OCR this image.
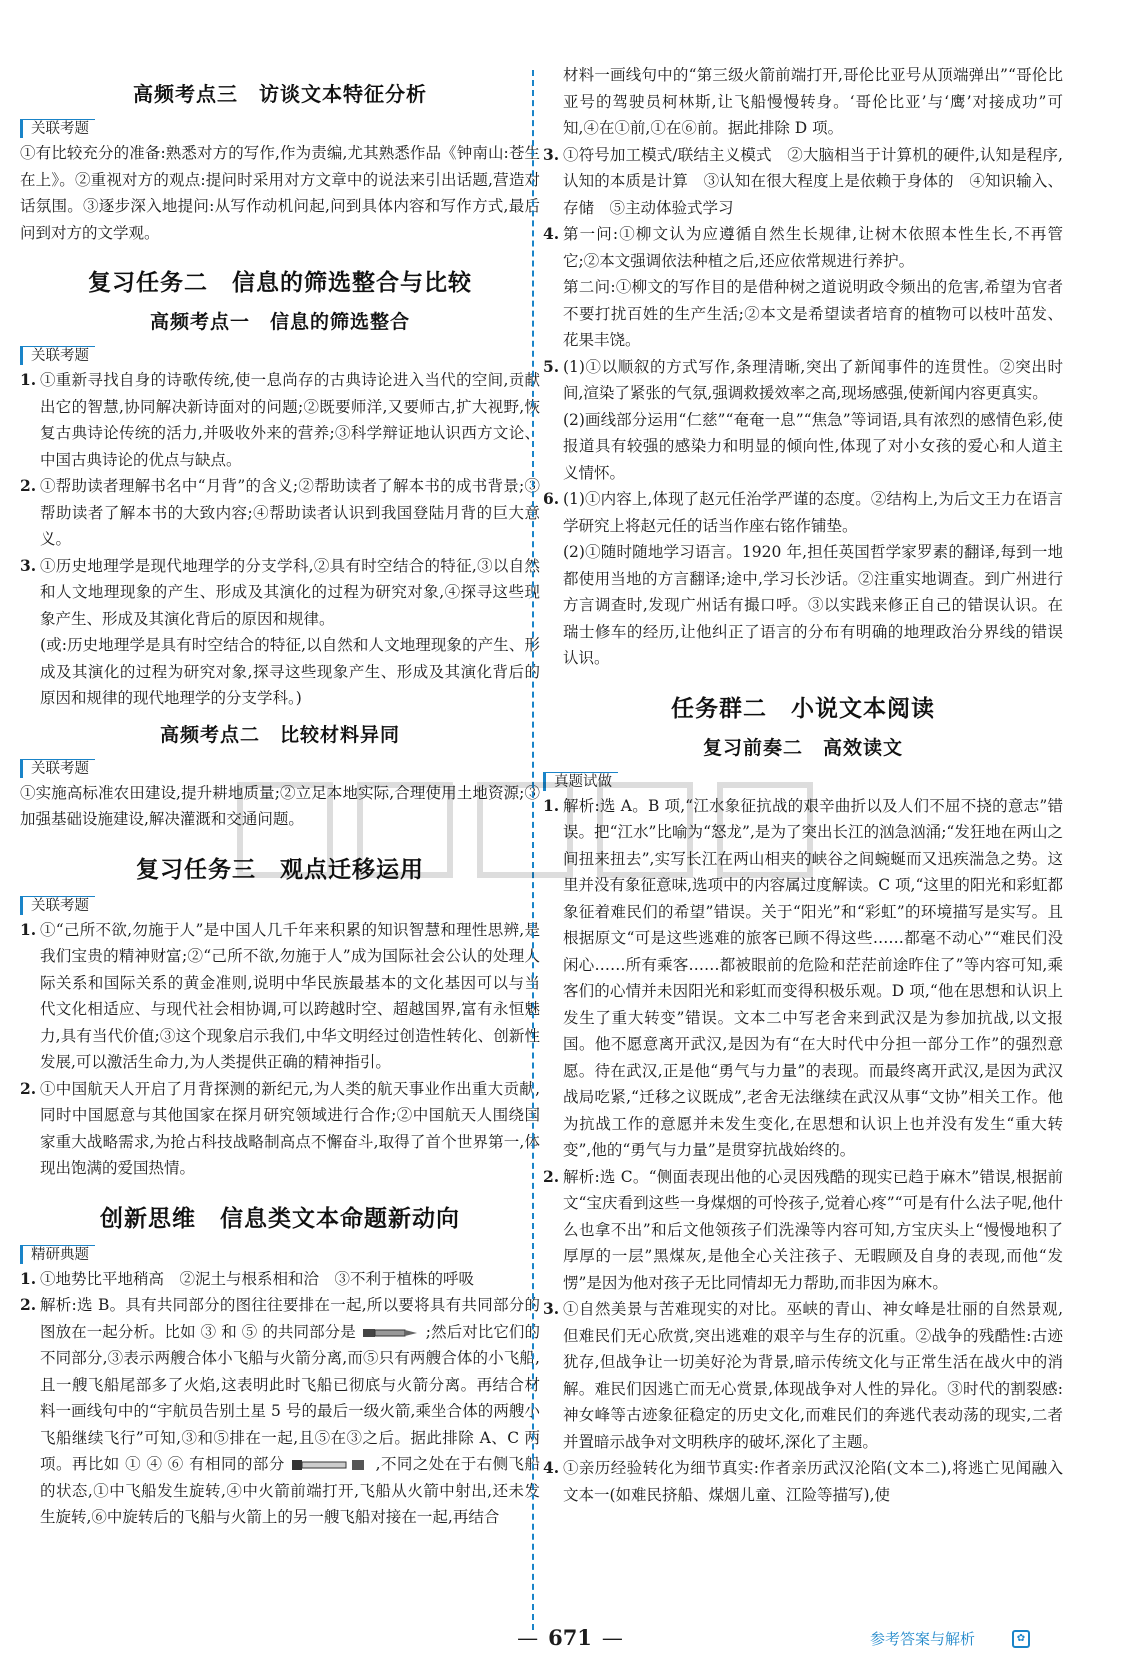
高频考点三　访谈文本特征分析
关联考题

①有比较充分的准备:熟悉对方的写作,作为责编,尤其熟悉作品《钟南山:苍生在上》。②重视对方的观点:提问时采用对方文章中的说法来引出话题,营造对话氛围。③逐步深入地提问:从写作动机问起,问到具体内容和写作方式,最后问到对方的文学观。

复习任务二　信息的筛选整合与比较
高频考点一　信息的筛选整合
关联考题
1. ①重新寻找自身的诗歌传统,使一息尚存的古典诗论进入当代的空间,贡献出它的智慧,协同解决新诗面对的问题;②既要师洋,又要师古,扩大视野,恢复古典诗论传统的活力,并吸收外来的营养;③科学辩证地认识西方文论、中国古典诗论的优点与缺点。
2. ①帮助读者理解书名中“月背”的含义;②帮助读者了解本书的成书背景;③帮助读者了解本书的大致内容;④帮助读者认识到我国登陆月背的巨大意义。
3. ①历史地理学是现代地理学的分支学科,②具有时空结合的特征,③以自然和人文地理现象的产生、形成及其演化的过程为研究对象,④探寻这些现象产生、形成及其演化背后的原因和规律。

(或:历史地理学是具有时空结合的特征,以自然和人文地理现象的产生、形成及其演化的过程为研究对象,探寻这些现象产生、形成及其演化背后的原因和规律的现代地理学的分支学科。)

高频考点二　比较材料异同
关联考题

①实施高标准农田建设,提升耕地质量;②立足本地实际,合理使用土地资源;③加强基础设施建设,解决灌溉和交通问题。

复习任务三　观点迁移运用
关联考题
1. ①“己所不欲,勿施于人”是中国人几千年来积累的知识智慧和理性思辨,是我们宝贵的精神财富;②“己所不欲,勿施于人”成为国际社会公认的处理人际关系和国际关系的黄金准则,说明中华民族最基本的文化基因可以与当代文化相适应、与现代社会相协调,可以跨越时空、超越国界,富有永恒魅力,具有当代价值;③这个现象启示我们,中华文明经过创造性转化、创新性发展,可以激活生命力,为人类提供正确的精神指引。
2. ①中国航天人开启了月背探测的新纪元,为人类的航天事业作出重大贡献,同时中国愿意与其他国家在探月研究领域进行合作;②中国航天人围绕国家重大战略需求,为抢占科技战略制高点不懈奋斗,取得了首个世界第一,体现出饱满的爱国热情。
创新思维　信息类文本命题新动向
精研典题
1. ①地势比平地稍高　②泥土与根系相和洽　③不利于植株的呼吸
2. 解析:选 B。具有共同部分的图往往要排在一起,所以要将具有共同部分的图放在一起分析。比如 ③ 和 ⑤ 的共同部分是	;然后对比它们的不同部分,③表示两艘合体小飞船与火箭分离,而⑤只有两艘合体的小飞船,且一艘飞船尾部多了火焰,这表明此时飞船已彻底与火箭分离。再结合材料一画线句中的“宇航员告别土星 5 号的最后一级火箭,乘坐合体的两艘小飞船继续飞行”可知,③和⑤排在一起,且⑤在③之后。据此排除 A、C 两项。再比如 ① ④ ⑥ 有相同的部分	,不同之处在于右侧飞船的状态,①中飞船发生旋转,④中火箭前端打开,飞船从火箭中射出,还未发生旋转,⑥中旋转后的飞船与火箭上的另一艘飞船对接在一起,再结合

材料一画线句中的“第三级火箭前端打开,哥伦比亚号从顶端弹出”“哥伦比亚号的驾驶员柯林斯,让飞船慢慢转身。‘哥伦比亚’与‘鹰’对接成功”可知,④在①前,①在⑥前。据此排除 D 项。

3. ①符号加工模式/联结主义模式　②大脑相当于计算机的硬件,认知是程序,认知的本质是计算　③认知在很大程度上是依赖于身体的　④知识输入、存储　⑤主动体验式学习
4. 第一问:①柳文认为应遵循自然生长规律,让树木依照本性生长,不再管它;②本文强调依法种植之后,还应依常规进行养护。
第二问:①柳文的写作目的是借种树之道说明政令频出的危害,希望为官者不要打扰百姓的生产生活;②本文是希望读者培育的植物可以枝叶茁发、花果丰饶。
5. (1)①以顺叙的方式写作,条理清晰,突出了新闻事件的连贯性。②突出时间,渲染了紧张的气氛,强调救援效率之高,现场感强,使新闻内容更真实。
(2)画线部分运用“仁慈”“奄奄一息”“焦急”等词语,具有浓烈的感情色彩,使报道具有较强的感染力和明显的倾向性,体现了对小女孩的爱心和人道主义情怀。
6. (1)①内容上,体现了赵元任治学严谨的态度。②结构上,为后文王力在语言学研究上将赵元任的话当作座右铭作铺垫。
(2)①随时随地学习语言。1920 年,担任英国哲学家罗素的翻译,每到一地都使用当地的方言翻译;途中,学习长沙话。②注重实地调查。到广州进行方言调查时,发现广州话有撮口呼。③以实践来修正自己的错误认识。在瑞士修车的经历,让他纠正了语言的分布有明确的地理政治分界线的错误认识。
任务群二　小说文本阅读
复习前奏二　高效读文
真题试做
1. 解析:选 A。B 项,“江水象征抗战的艰辛曲折以及人们不屈不挠的意志”错误。把“江水”比喻为“怒龙”,是为了突出长江的汹急汹涌;“发狂地在两山之间扭来扭去”,实写长江在两山相夹的峡谷之间蜿蜒而又迅疾湍急之势。这里并没有象征意味,选项中的内容属过度解读。C 项,“这里的阳光和彩虹都象征着难民们的希望”错误。关于“阳光”和“彩虹”的环境描写是实写。且根据原文“可是这些逃难的旅客已顾不得这些……都毫不动心”“难民们没闲心……所有乘客……都被眼前的危险和茫茫前途昨住了”等内容可知,乘客们的心情并未因阳光和彩虹而变得积极乐观。D 项,“他在思想和认识上发生了重大转变”错误。文本二中写老舍来到武汉是为参加抗战,以文报国。他不愿意离开武汉,是因为有“在大时代中分担一部分工作”的强烈意愿。待在武汉,正是他“勇气与力量”的表现。而最终离开武汉,是因为武汉战局吃紧,“迁移之议既成”,老舍无法继续在武汉从事“文协”相关工作。他为抗战工作的意愿并未发生变化,在思想和认识上也并没有发生“重大转变”,他的“勇气与力量”是贯穿抗战始终的。
2. 解析:选 C。“侧面表现出他的心灵因残酷的现实已趋于麻木”错误,根据前文“宝庆看到这些一身煤烟的可怜孩子,觉着心疼”“可是有什么法子呢,他什么也拿不出”和后文他领孩子们洗澡等内容可知,方宝庆头上“慢慢地积了厚厚的一层”黑煤灰,是他全心关注孩子、无暇顾及自身的表现,而他“发愣”是因为他对孩子无比同情却无力帮助,而非因为麻木。
3. ①自然美景与苦难现实的对比。巫峡的青山、神女峰是壮丽的自然景观,但难民们无心欣赏,突出逃难的艰辛与生存的沉重。②战争的残酷性:古迹犹存,但战争让一切美好沦为背景,暗示传统文化与正常生活在战火中的消解。难民们因逃亡而无心赏景,体现战争对人性的异化。③时代的割裂感:神女峰等古迹象征稳定的历史文化,而难民们的奔逃代表动荡的现实,二者并置暗示战争对文明秩序的破坏,深化了主题。
4. ①亲历经验转化为细节真实:作者亲历武汉沦陷(文本二),将逃亡见闻融入文本一(如难民挤船、煤烟儿童、江险等描写),使
— 671 —	参考答案与解析	✿
